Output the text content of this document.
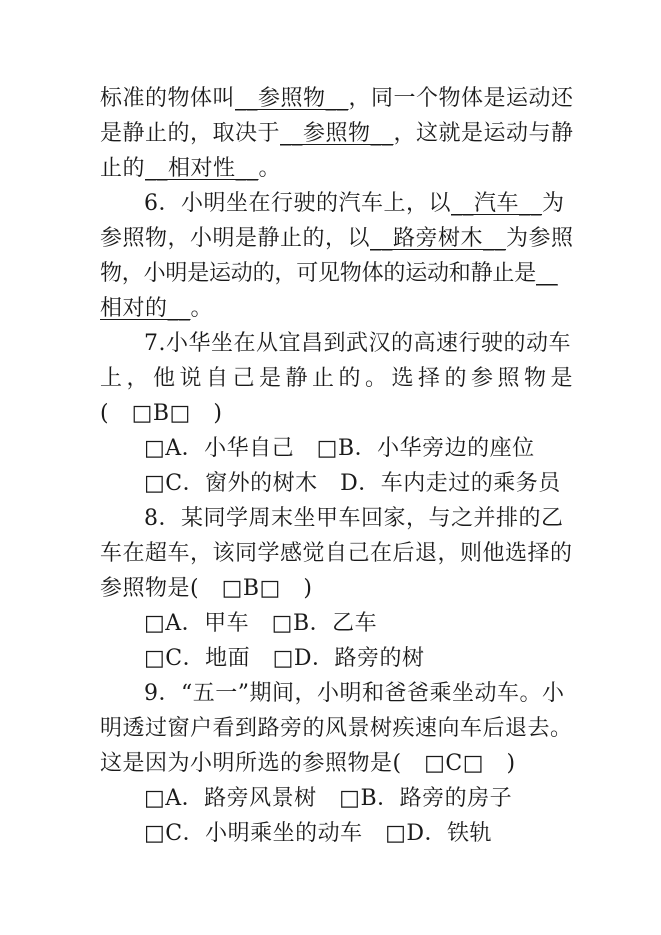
标准的物体叫__参照物__，同一个物体是运动还
是静止的，取决于__参照物__，这就是运动与静
止的__相对性__。
6．小明坐在行驶的汽车上，以__汽车__为
参照物，小明是静止的，以__路旁树木__为参照
物，小明是运动的，可见物体的运动和静止是__
相对的__。
7.小华坐在从宜昌到武汉的高速行驶的动车
上，他说自己是静止的。选择的参照物是
(　□B□　)
□A．小华自己　□B．小华旁边的座位
□C．窗外的树木　D．车内走过的乘务员
8．某同学周末坐甲车回家，与之并排的乙
车在超车，该同学感觉自己在后退，则他选择的
参照物是(　□B□　)
□A．甲车　□B．乙车
□C．地面　□D．路旁的树
9．“五一”期间，小明和爸爸乘坐动车。小
明透过窗户看到路旁的风景树疾速向车后退去。
这是因为小明所选的参照物是(　□C□　)
□A．路旁风景树　□B．路旁的房子
□C．小明乘坐的动车　□D．铁轨
